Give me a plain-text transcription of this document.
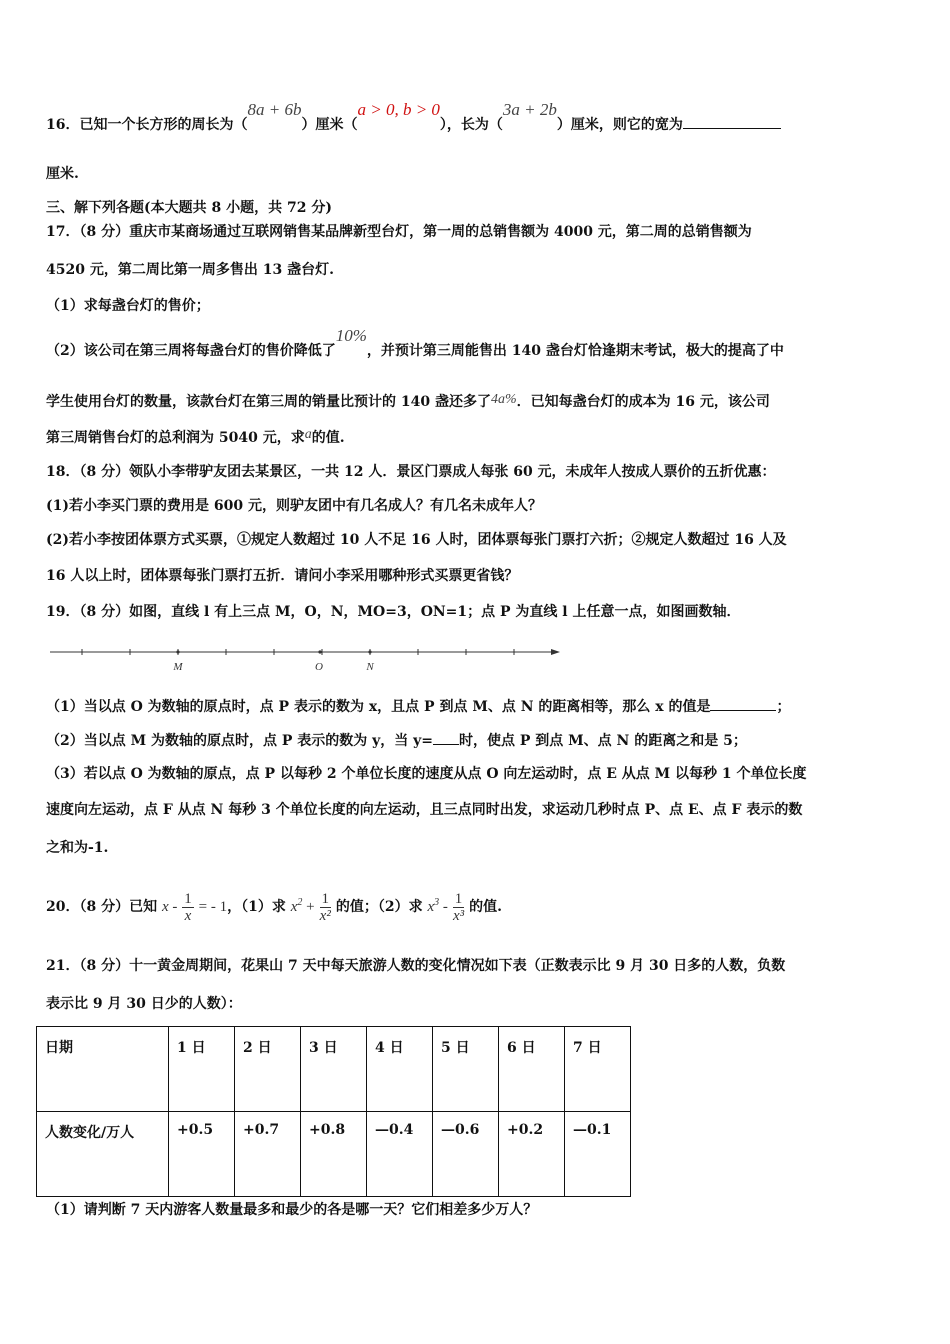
16．已知一个长方形的周长为（8a + 6b）厘米（a > 0, b > 0），长为（3a + 2b）厘米，则它的宽为
厘米.
三、解下列各题(本大题共 8 小题，共 72 分)
17．（8 分）重庆市某商场通过互联网销售某品牌新型台灯，第一周的总销售额为 4000 元，第二周的总销售额为
4520 元，第二周比第一周多售出 13 盏台灯.
（1）求每盏台灯的售价；
（2）该公司在第三周将每盏台灯的售价降低了10%，并预计第三周能售出 140 盏台灯恰逢期末考试，极大的提高了中
学生使用台灯的数量，该款台灯在第三周的销量比预计的 140 盏还多了4a%．已知每盏台灯的成本为 16 元，该公司
第三周销售台灯的总利润为 5040 元，求a的值.
18．（8 分）领队小李带驴友团去某景区，一共 12 人．景区门票成人每张 60 元，未成年人按成人票价的五折优惠：
(1)若小李买门票的费用是 600 元，则驴友团中有几名成人？有几名未成年人？
(2)若小李按团体票方式买票，①规定人数超过 10 人不足 16 人时，团体票每张门票打六折；②规定人数超过 16 人及
16 人以上时，团体票每张门票打五折．请问小李采用哪种形式买票更省钱？
19．（8 分）如图，直线 l 有上三点 M，O，N，MO=3，ON=1；点 P 为直线 l 上任意一点，如图画数轴．
M	O	N
（1）当以点 O 为数轴的原点时，点 P 表示的数为 x，且点 P 到点 M、点 N 的距离相等，那么 x 的值是	；
（2）当以点 M 为数轴的原点时，点 P 表示的数为 y，当 y= 时，使点 P 到点 M、点 N 的距离之和是 5；
（3）若以点 O 为数轴的原点，点 P 以每秒 2 个单位长度的速度从点 O 向左运动时，点 E 从点 M 以每秒 1 个单位长度
速度向左运动，点 F 从点 N 每秒 3 个单位长度的向左运动，且三点同时出发，求运动几秒时点 P、点 E、点 F 表示的数
之和为-1.
20．（8 分）已知 x - $\frac{1}{x}$ = - 1，（1）求 $x^2 + \frac{1}{\text{x²}}$ 的值；（2）求 $x^3 - \frac{1}{\text{x³}}$ 的值.
21．（8 分）十一黄金周期间，花果山 7 天中每天旅游人数的变化情况如下表（正数表示比 9 月 30 日多的人数，负数
表示比 9 月 30 日少的人数）：
日期	1 日	2 日	3 日	4 日	5 日	6 日	7 日
人数变化/万人	+0.5	+0.7	+0.8	—0.4	—0.6	+0.2	—0.1
（1）请判断 7 天内游客人数量最多和最少的各是哪一天？它们相差多少万人？
